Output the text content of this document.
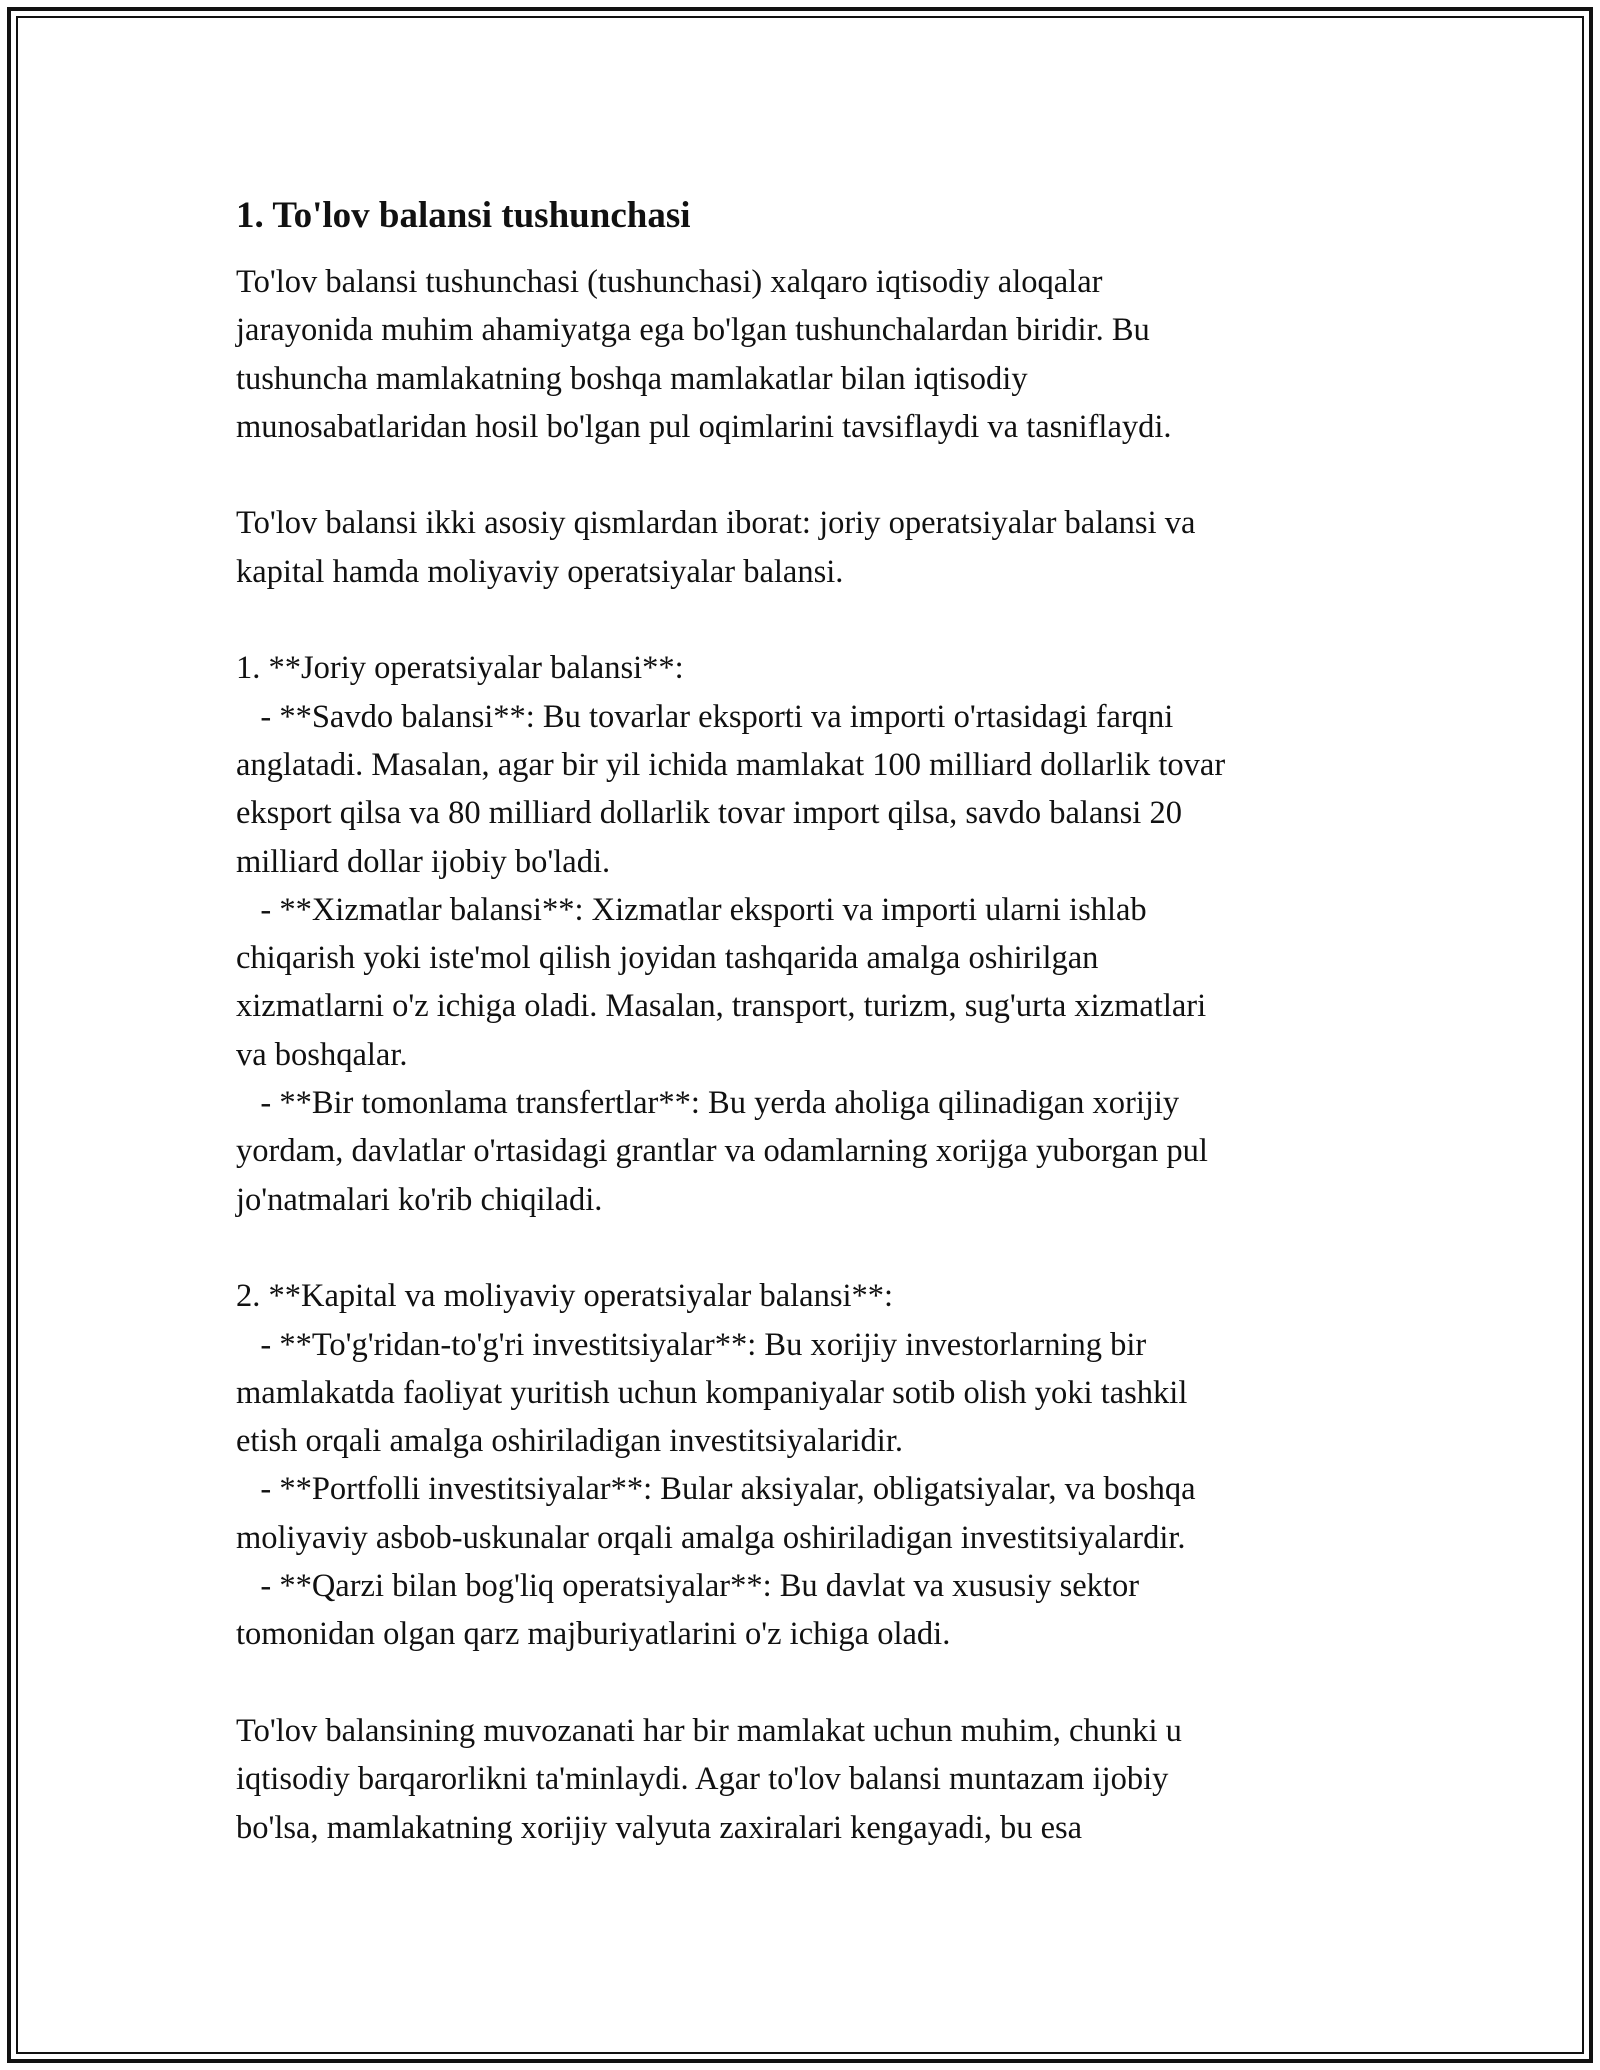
1. To'lov balansi tushunchasi
To'lov balansi tushunchasi (tushunchasi) xalqaro iqtisodiy aloqalar
jarayonida muhim ahamiyatga ega bo'lgan tushunchalardan biridir. Bu
tushuncha mamlakatning boshqa mamlakatlar bilan iqtisodiy
munosabatlaridan hosil bo'lgan pul oqimlarini tavsiflaydi va tasniflaydi.
To'lov balansi ikki asosiy qismlardan iborat: joriy operatsiyalar balansi va
kapital hamda moliyaviy operatsiyalar balansi.
1. **Joriy operatsiyalar balansi**:
- **Savdo balansi**: Bu tovarlar eksporti va importi o'rtasidagi farqni
anglatadi. Masalan, agar bir yil ichida mamlakat 100 milliard dollarlik tovar
eksport qilsa va 80 milliard dollarlik tovar import qilsa, savdo balansi 20
milliard dollar ijobiy bo'ladi.
- **Xizmatlar balansi**: Xizmatlar eksporti va importi ularni ishlab
chiqarish yoki iste'mol qilish joyidan tashqarida amalga oshirilgan
xizmatlarni o'z ichiga oladi. Masalan, transport, turizm, sug'urta xizmatlari
va boshqalar.
- **Bir tomonlama transfertlar**: Bu yerda aholiga qilinadigan xorijiy
yordam, davlatlar o'rtasidagi grantlar va odamlarning xorijga yuborgan pul
jo'natmalari ko'rib chiqiladi.
2. **Kapital va moliyaviy operatsiyalar balansi**:
- **To'g'ridan-to'g'ri investitsiyalar**: Bu xorijiy investorlarning bir
mamlakatda faoliyat yuritish uchun kompaniyalar sotib olish yoki tashkil
etish orqali amalga oshiriladigan investitsiyalaridir.
- **Portfolli investitsiyalar**: Bular aksiyalar, obligatsiyalar, va boshqa
moliyaviy asbob-uskunalar orqali amalga oshiriladigan investitsiyalardir.
- **Qarzi bilan bog'liq operatsiyalar**: Bu davlat va xususiy sektor
tomonidan olgan qarz majburiyatlarini o'z ichiga oladi.
To'lov balansining muvozanati har bir mamlakat uchun muhim, chunki u
iqtisodiy barqarorlikni ta'minlaydi. Agar to'lov balansi muntazam ijobiy
bo'lsa, mamlakatning xorijiy valyuta zaxiralari kengayadi, bu esa
